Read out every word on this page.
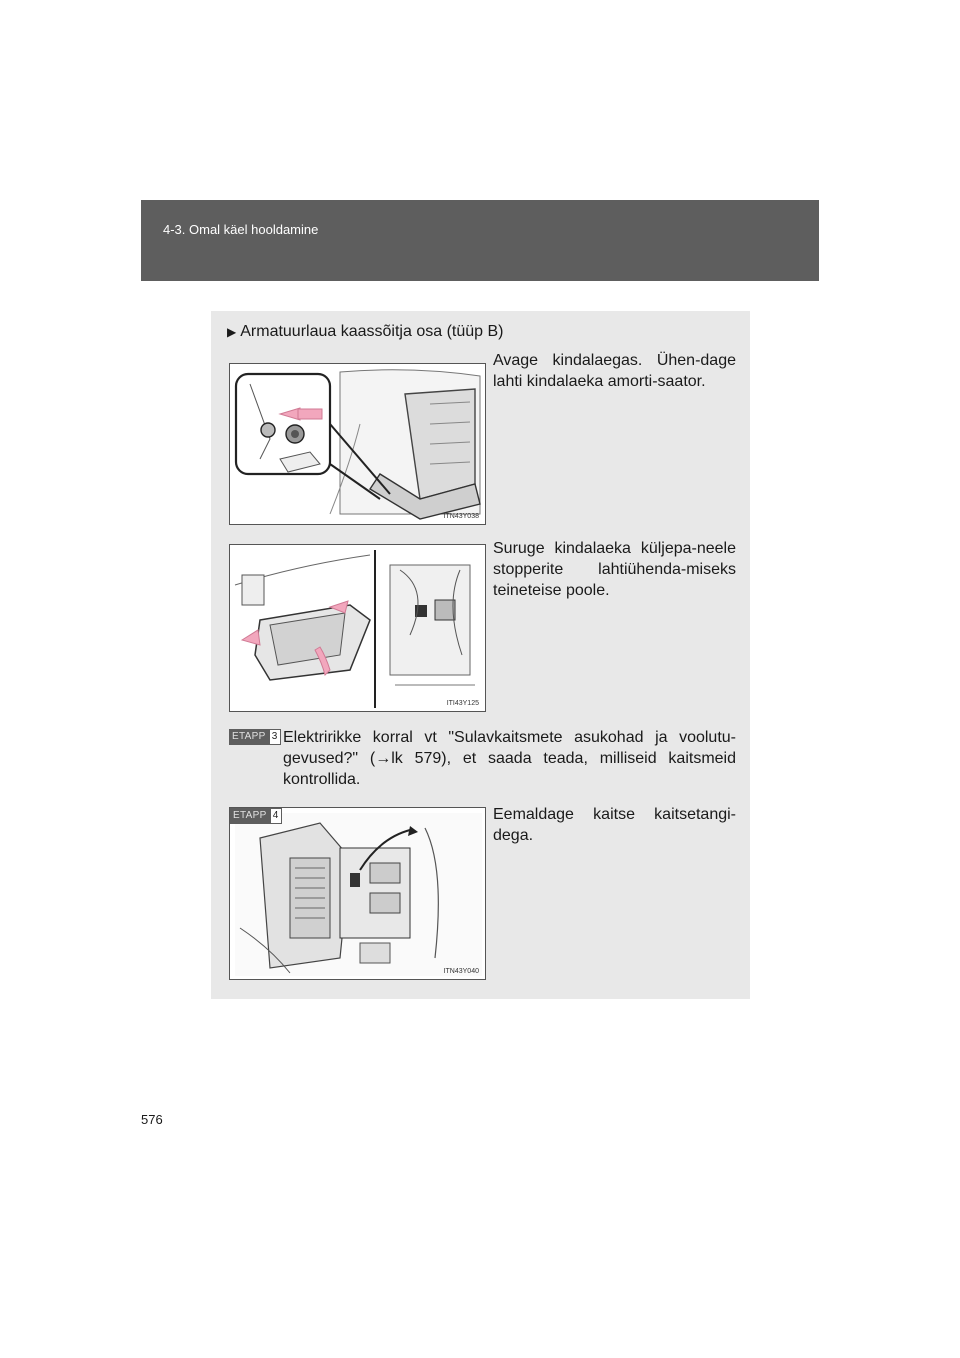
4-3. Omal käel hooldamine
▶ Armatuurlaua kaassõitja osa (tüüp B)
ITN43Y038
Avage kindalaegas. Ühen-dage lahti kindalaeka amorti-saator.
ITI43Y125
Suruge kindalaeka küljepa-neele stopperite lahtiühenda-miseks teineteise poole.
ETAPP 3 Elektririkke korral vt "Sulavkaitsmete asukohad ja voolutu-gevused?" (→lk 579), et saada teada, milliseid kaitsmeid kontrollida.
ETAPP 4
ITN43Y040
Eemaldage kaitse kaitsetangi-dega.
576
